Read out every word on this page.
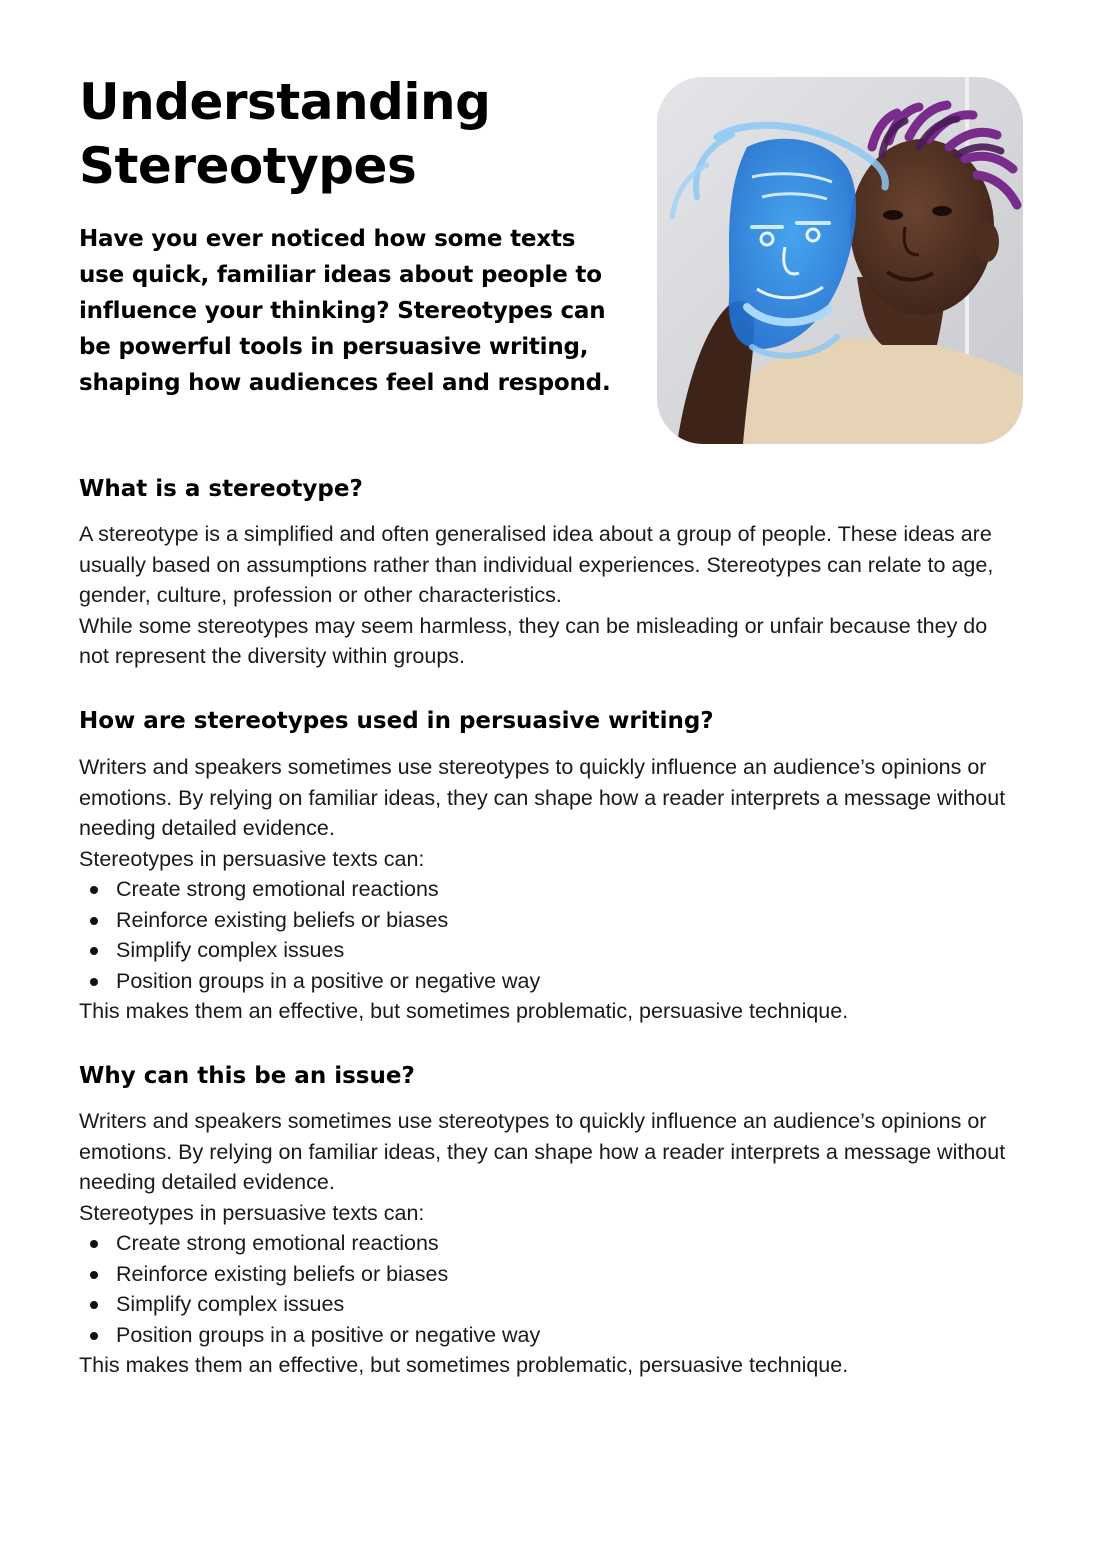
Understanding Stereotypes

Have you ever noticed how some texts use quick, familiar ideas about people to influence your thinking? Stereotypes can be powerful tools in persuasive writing, shaping how audiences feel and respond.

What is a stereotype?

A stereotype is a simplified and often generalised idea about a group of people. These ideas are usually based on assumptions rather than individual experiences. Stereotypes can relate to age, gender, culture, profession or other characteristics.

While some stereotypes may seem harmless, they can be misleading or unfair because they do not represent the diversity within groups.

How are stereotypes used in persuasive writing?

Writers and speakers sometimes use stereotypes to quickly influence an audience’s opinions or emotions. By relying on familiar ideas, they can shape how a reader interprets a message without needing detailed evidence.

Stereotypes in persuasive texts can:

Create strong emotional reactions
Reinforce existing beliefs or biases
Simplify complex issues
Position groups in a positive or negative way

This makes them an effective, but sometimes problematic, persuasive technique.

Why can this be an issue?

Writers and speakers sometimes use stereotypes to quickly influence an audience’s opinions or emotions. By relying on familiar ideas, they can shape how a reader interprets a message without needing detailed evidence.

Stereotypes in persuasive texts can:

Create strong emotional reactions
Reinforce existing beliefs or biases
Simplify complex issues
Position groups in a positive or negative way

This makes them an effective, but sometimes problematic, persuasive technique.
